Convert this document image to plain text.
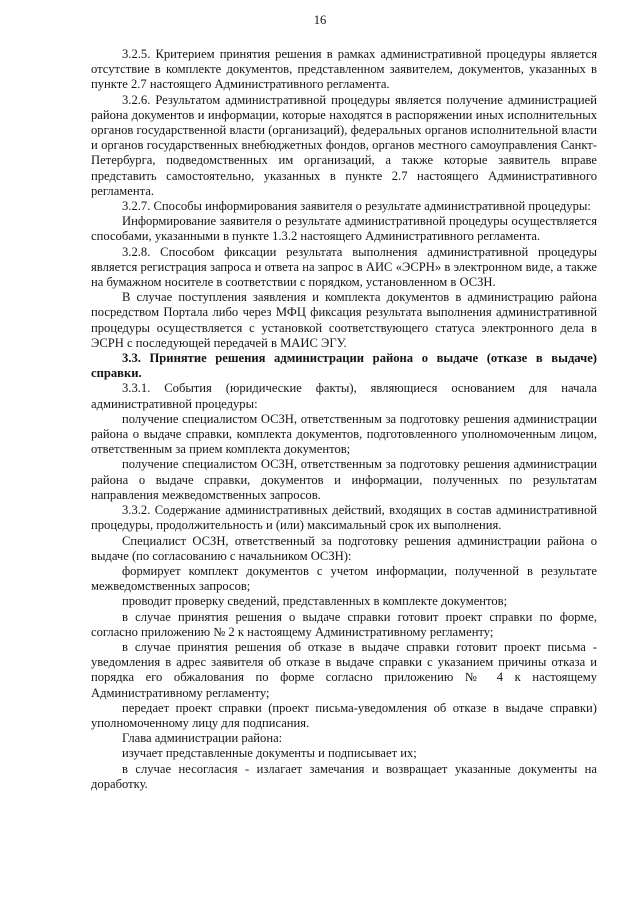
16

3.2.5. Критерием принятия решения в рамках административной процедуры является отсутствие в комплекте документов, представленном заявителем, документов, указанных в пункте 2.7 настоящего Административного регламента.

3.2.6. Результатом административной процедуры является получение администрацией района документов и информации, которые находятся в распоряжении иных исполнительных органов государственной власти (организаций), федеральных органов исполнительной власти и органов государственных внебюджетных фондов, органов местного самоуправления Санкт-Петербурга, подведомственных им организаций, а также которые заявитель вправе представить самостоятельно, указанных в пункте 2.7 настоящего Административного регламента.

3.2.7. Способы информирования заявителя о результате административной процедуры:

Информирование заявителя о результате административной процедуры осуществляется способами, указанными в пункте 1.3.2 настоящего Административного регламента.

3.2.8. Способом фиксации результата выполнения административной процедуры является регистрация запроса и ответа на запрос в АИС «ЭСРН» в электронном виде, а также на бумажном носителе в соответствии с порядком, установленном в ОСЗН.

В случае поступления заявления и комплекта документов в администрацию района посредством Портала либо через МФЦ фиксация результата выполнения административной процедуры осуществляется с установкой соответствующего статуса электронного дела в ЭСРН с последующей передачей в МАИС ЭГУ.

3.3. Принятие решения администрации района о выдаче (отказе в выдаче) справки.

3.3.1. События (юридические факты), являющиеся основанием для начала административной процедуры:

получение специалистом ОСЗН, ответственным за подготовку решения администрации района о выдаче справки, комплекта документов, подготовленного уполномоченным лицом, ответственным за прием комплекта документов;

получение специалистом ОСЗН, ответственным за подготовку решения администрации района о выдаче справки, документов и информации, полученных по результатам направления межведомственных запросов.

3.3.2. Содержание административных действий, входящих в состав административной процедуры, продолжительность и (или) максимальный срок их выполнения.

Специалист ОСЗН, ответственный за подготовку решения администрации района о выдаче (по согласованию с начальником ОСЗН):

формирует комплект документов с учетом информации, полученной в результате межведомственных запросов;

проводит проверку сведений, представленных в комплекте документов;

в случае принятия решения о выдаче справки готовит проект справки по форме, согласно приложению № 2 к настоящему Административному регламенту;

в случае принятия решения об отказе в выдаче справки готовит проект письма - уведомления в адрес заявителя об отказе в выдаче справки с указанием причины отказа и порядка его обжалования по форме согласно приложению № 4 к настоящему Административному регламенту;

передает проект справки (проект письма-уведомления об отказе в выдаче справки) уполномоченному лицу для подписания.

Глава администрации района:

изучает представленные документы и подписывает их;

в случае несогласия - излагает замечания и возвращает указанные документы на доработку.
